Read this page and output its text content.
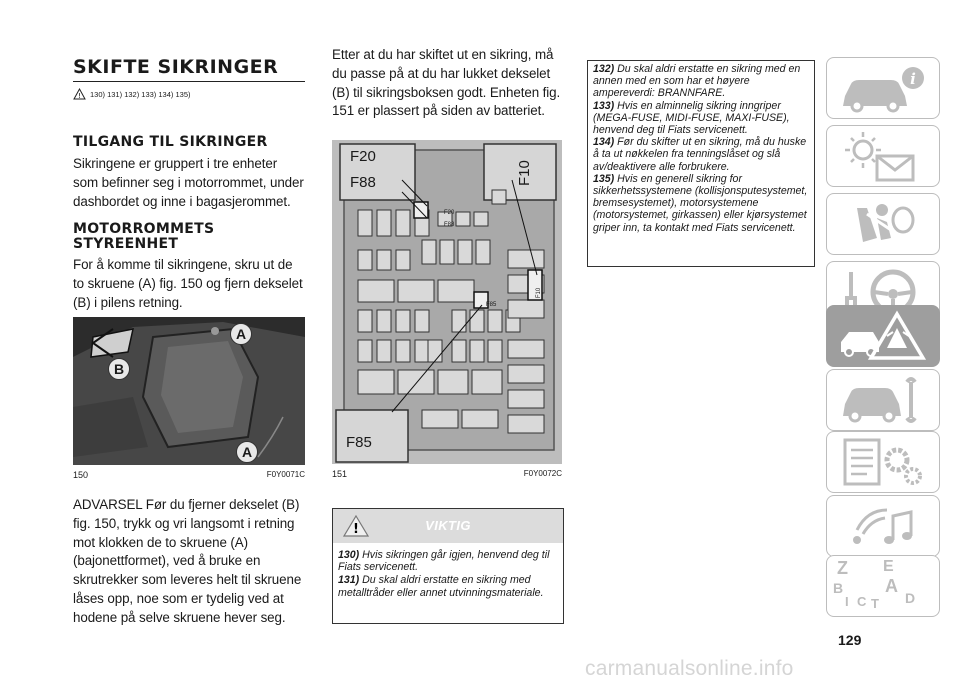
SKIFTE SIKRINGER
! 130) 131) 132) 133) 134) 135)
TILGANG TIL SIKRINGER

Sikringene er gruppert i tre enheter som befinner seg i motorrommet, under dashbordet og inne i bagasjerommet.

MOTORROMMETS STYREENHET

For å komme til sikringene, skru ut de to skruene (A) fig. 150 og fjern dekselet (B) i pilens retning.

A
B
A
150	F0Y0071C

ADVARSEL Før du fjerner dekselet (B) fig. 150, trykk og vri langsomt i retning mot klokken de to skruene (A) (bajonettformet), ved å bruke en skrutrekker som leveres helt til skruene låses opp, noe som er tydelig ved at hodene på selve skruene hever seg.

Etter at du har skiftet ut en sikring, må du passe på at du har lukket dekselet (B) til sikringsboksen godt. Enheten fig. 151 er plassert på siden av batteriet.

F20
F88	F10
F85
F20
F88
F85
F10
151	F0Y0072C
!	VIKTIG

130) Hvis sikringen går igjen, henvend deg til Fiats servicenett.

131) Du skal aldri erstatte en sikring med metalltråder eller annet utvinningsmateriale.

132) Du skal aldri erstatte en sikring med en annen med en som har et høyere ampereverdi: BRANNFARE.

133) Hvis en alminnelig sikring inngriper (MEGA-FUSE, MIDI-FUSE, MAXI-FUSE), henvend deg til Fiats servicenett.

134) Før du skifter ut en sikring, må du huske å ta ut nøkkelen fra tenningslåset og slå av/deaktivere alle forbrukere.

135) Hvis en generell sikring for sikkerhetssystemene (kollisjonsputesystemet, bremsesystemet), motorsystemene (motorsystemet, girkassen) eller kjørsystemet griper inn, ta kontakt med Fiats servicenett.

i
Z E
B A
I C T D
129
carmanualsonline.info
